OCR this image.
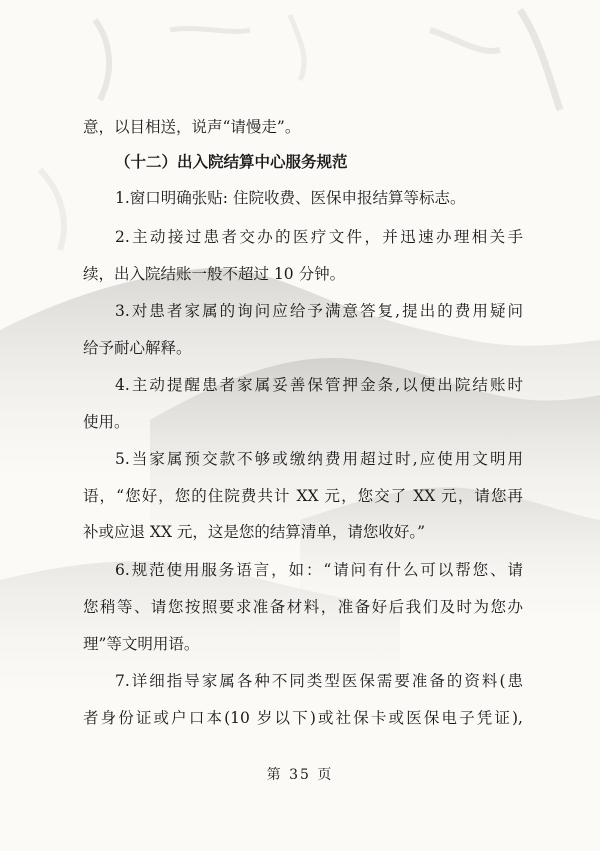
意，以目相送，说声“请慢走”。
（十二）出入院结算中心服务规范
1.窗口明确张贴: 住院收费、医保申报结算等标志。
2.主动接过患者交办的医疗文件，并迅速办理相关手
续，出入院结账一般不超过 10 分钟。
3.对患者家属的询问应给予满意答复,提出的费用疑问
给予耐心解释。
4.主动提醒患者家属妥善保管押金条,以便出院结账时
使用。
5.当家属预交款不够或缴纳费用超过时,应使用文明用
语，“您好，您的住院费共计 XX 元，您交了 XX 元，请您再
补或应退 XX 元，这是您的结算清单，请您收好。”
6.规范使用服务语言，如：“请问有什么可以帮您、请
您稍等、请您按照要求准备材料，准备好后我们及时为您办
理”等文明用语。
7.详细指导家属各种不同类型医保需要准备的资料(患
者身份证或户口本(10 岁以下)或社保卡或医保电子凭证),
第 35 页
